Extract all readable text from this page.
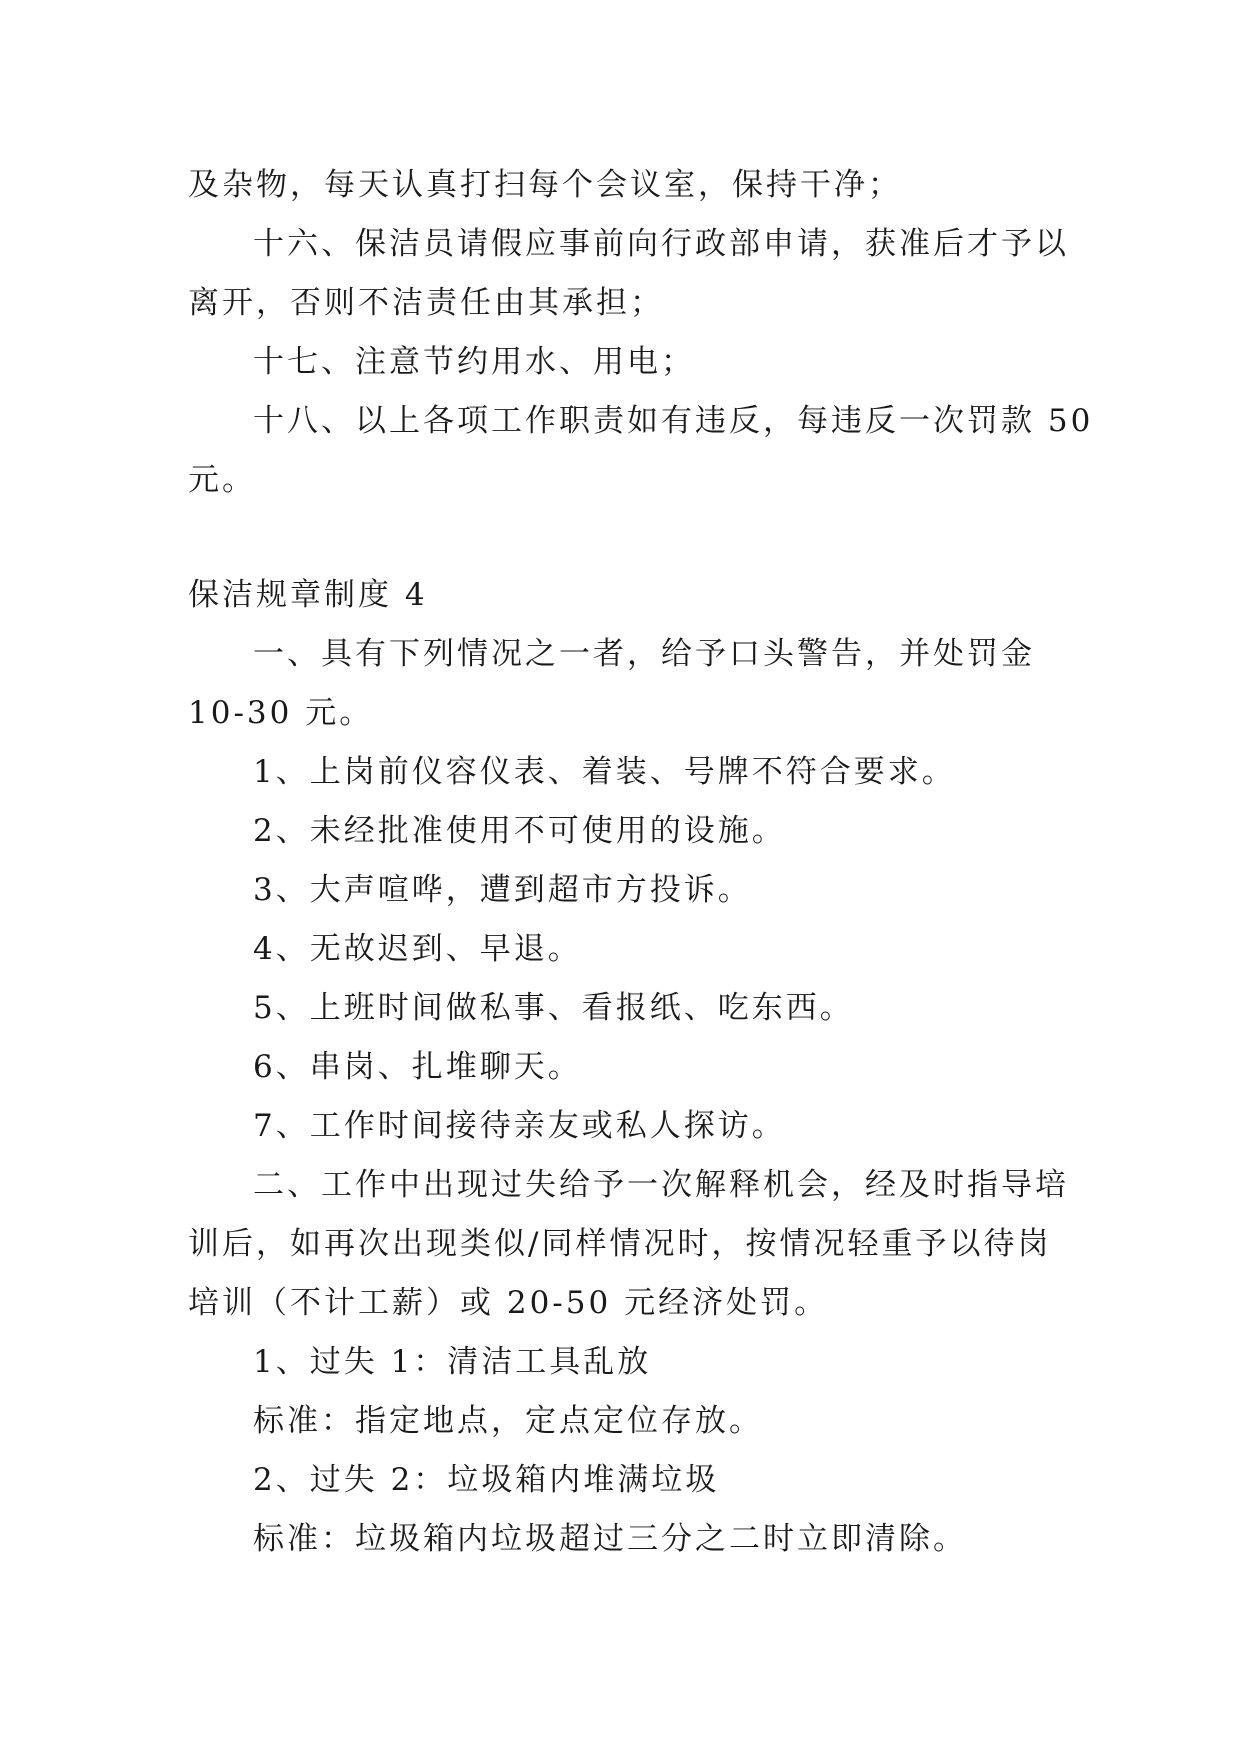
及杂物，每天认真打扫每个会议室，保持干净；

十六、保洁员请假应事前向行政部申请，获准后才予以

离开，否则不洁责任由其承担；

十七、注意节约用水、用电；

十八、以上各项工作职责如有违反，每违反一次罚款 50

元。

保洁规章制度 4

一、具有下列情况之一者，给予口头警告，并处罚金

10-30 元。

1、上岗前仪容仪表、着装、号牌不符合要求。

2、未经批准使用不可使用的设施。

3、大声喧哗，遭到超市方投诉。

4、无故迟到、早退。

5、上班时间做私事、看报纸、吃东西。

6、串岗、扎堆聊天。

7、工作时间接待亲友或私人探访。

二、工作中出现过失给予一次解释机会，经及时指导培

训后，如再次出现类似/同样情况时，按情况轻重予以待岗

培训（不计工薪）或 20-50 元经济处罚。

1、过失 1：清洁工具乱放

标准：指定地点，定点定位存放。

2、过失 2：垃圾箱内堆满垃圾

标准：垃圾箱内垃圾超过三分之二时立即清除。
